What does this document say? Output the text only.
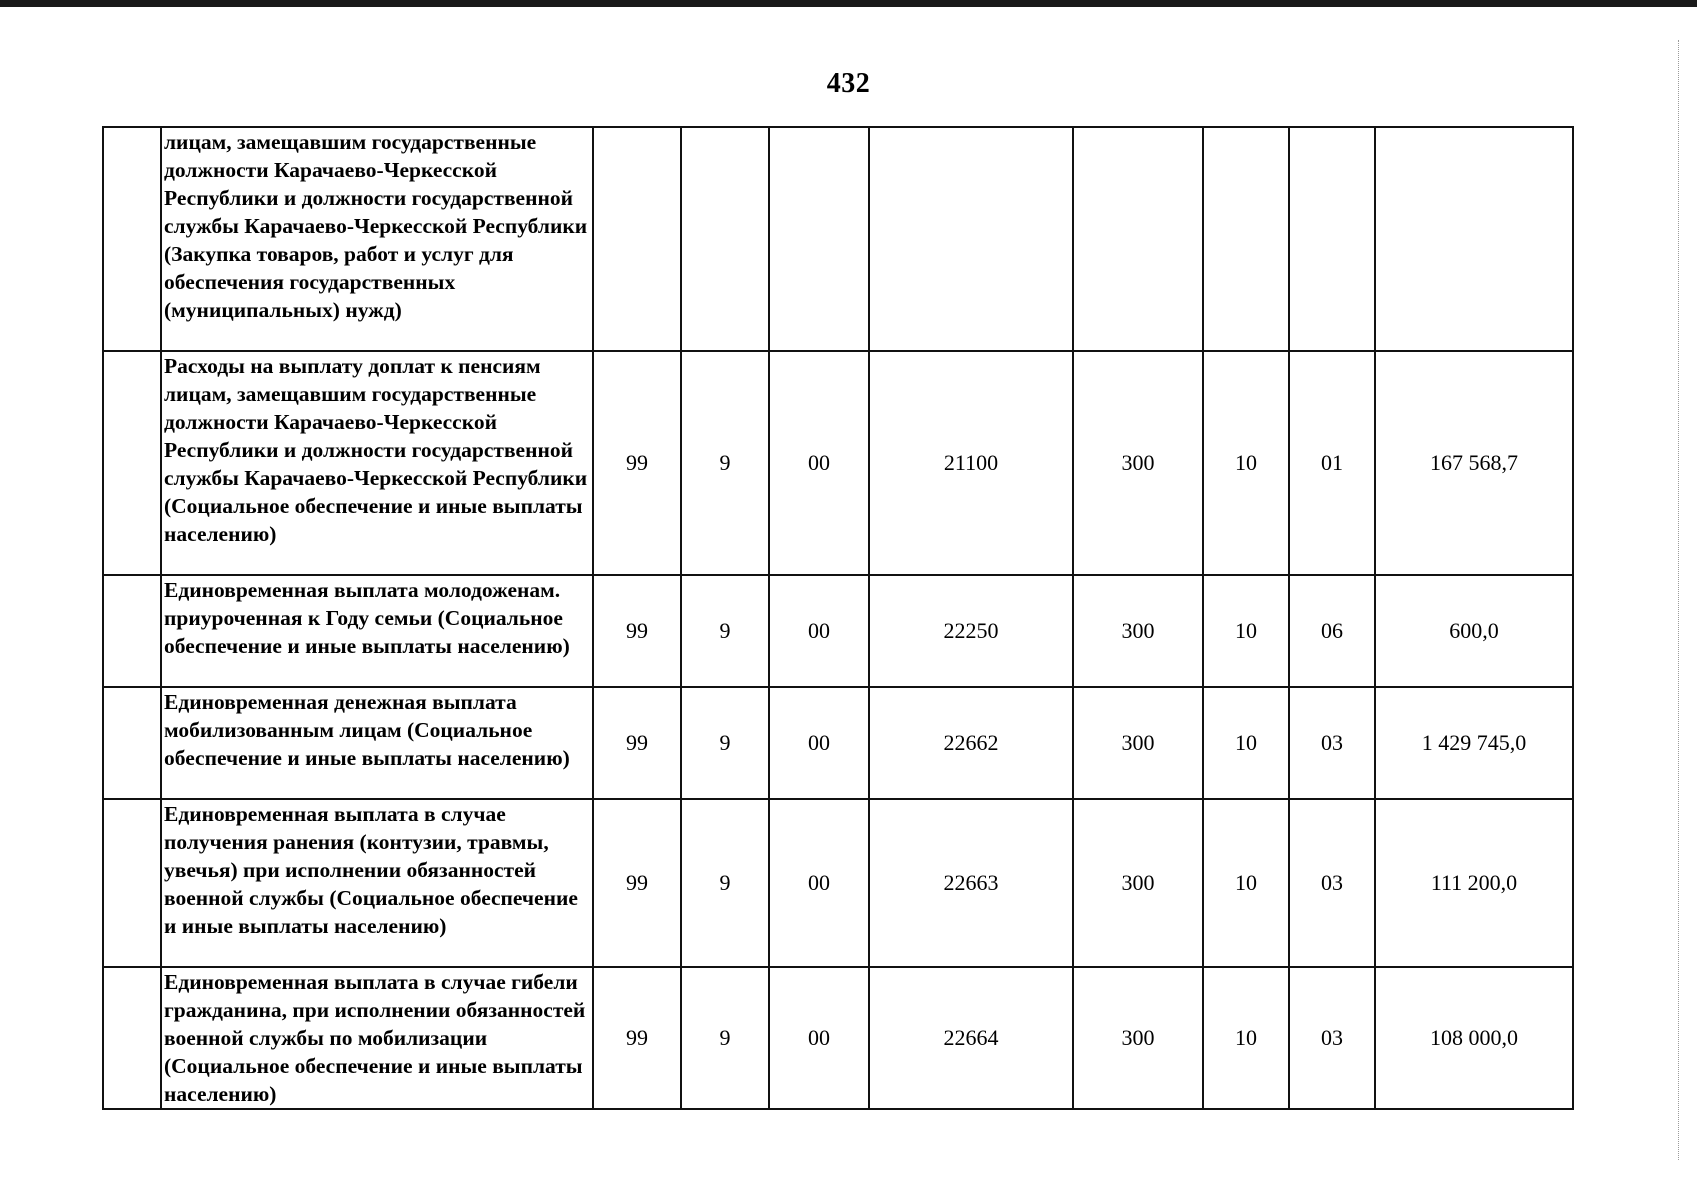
432
	лицам, замещавшим государственные должности Карачаево-Черкесской Республики и должности государственной службы Карачаево-Черкесской Республики (Закупка товаров, работ и услуг для обеспечения государственных (муниципальных) нужд)								
	Расходы на выплату доплат к пенсиям лицам, замещавшим государственные должности Карачаево-Черкесской Республики и должности государственной службы Карачаево-Черкесской Республики (Социальное обеспечение и иные выплаты населению)	99	9	00	21100	300	10	01	167 568,7
	Единовременная выплата молодоженам. приуроченная к Году семьи (Социальное обеспечение и иные выплаты населению)	99	9	00	22250	300	10	06	600,0
	Единовременная денежная выплата мобилизованным лицам (Социальное обеспечение и иные выплаты населению)	99	9	00	22662	300	10	03	1 429 745,0
	Единовременная выплата в случае получения ранения (контузии, травмы, увечья) при исполнении обязанностей военной службы (Социальное обеспечение и иные выплаты населению)	99	9	00	22663	300	10	03	111 200,0
	Единовременная выплата в случае гибели гражданина, при исполнении обязанностей военной службы по мобилизации (Социальное обеспечение и иные выплаты населению)	99	9	00	22664	300	10	03	108 000,0
